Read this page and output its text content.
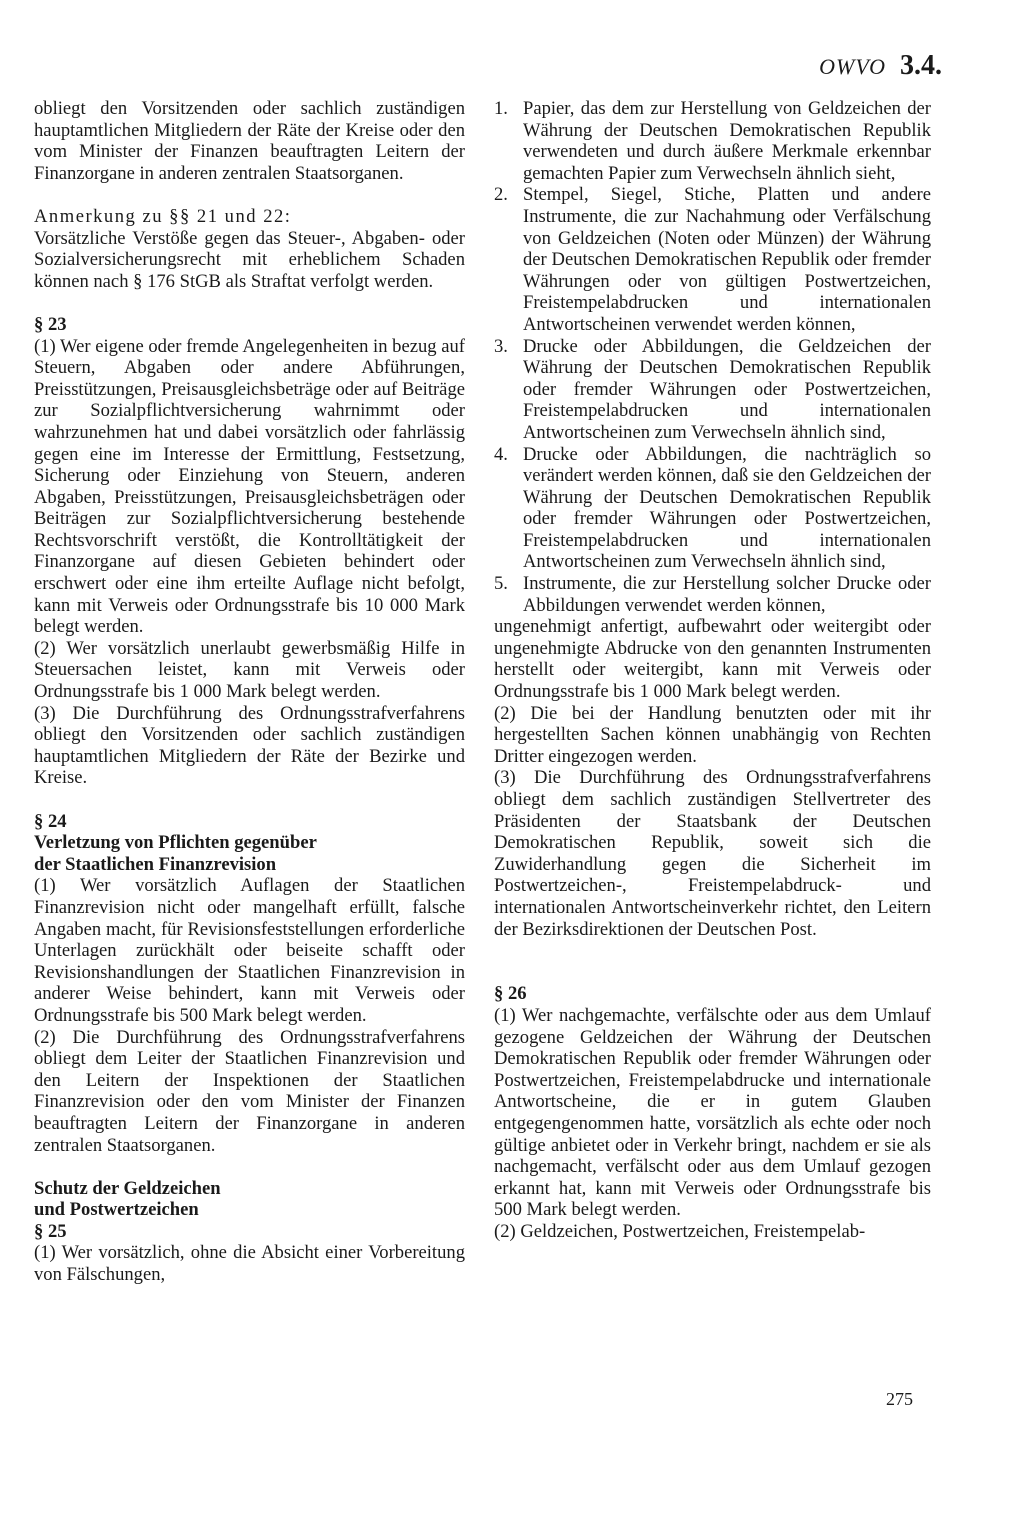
OWVO 3.4.

obliegt den Vorsitzenden oder sachlich zuständigen hauptamtlichen Mitgliedern der Räte der Kreise oder den vom Minister der Finanzen beauftragten Leitern der Finanzorgane in anderen zentralen Staatsorganen.

Anmerkung zu §§ 21 und 22:

Vorsätzliche Verstöße gegen das Steuer-, Abgaben- oder Sozialversicherungsrecht mit erheblichem Schaden können nach § 176 StGB als Straftat verfolgt werden.

§ 23

(1) Wer eigene oder fremde Angelegenheiten in bezug auf Steuern, Abgaben oder andere Abführungen, Preisstützungen, Preisausgleichsbeträge oder auf Beiträge zur Sozialpflichtversicherung wahrnimmt oder wahrzunehmen hat und dabei vorsätzlich oder fahrlässig gegen eine im Interesse der Ermittlung, Festsetzung, Sicherung oder Einziehung von Steuern, anderen Abgaben, Preisstützungen, Preisausgleichsbeträgen oder Beiträgen zur Sozialpflichtversicherung bestehende Rechtsvorschrift verstößt, die Kontrolltätigkeit der Finanzorgane auf diesen Gebieten behindert oder erschwert oder eine ihm erteilte Auflage nicht befolgt, kann mit Verweis oder Ordnungsstrafe bis 10 000 Mark belegt werden.

(2) Wer vorsätzlich unerlaubt gewerbsmäßig Hilfe in Steuersachen leistet, kann mit Verweis oder Ordnungsstrafe bis 1 000 Mark belegt werden.

(3) Die Durchführung des Ordnungsstrafverfahrens obliegt den Vorsitzenden oder sachlich zuständigen hauptamtlichen Mitgliedern der Räte der Bezirke und Kreise.

§ 24

Verletzung von Pflichten gegenüber

der Staatlichen Finanzrevision

(1) Wer vorsätzlich Auflagen der Staatlichen Finanzrevision nicht oder mangelhaft erfüllt, falsche Angaben macht, für Revisionsfeststellungen erforderliche Unterlagen zurückhält oder beiseite schafft oder Revisionshandlungen der Staatlichen Finanzrevision in anderer Weise behindert, kann mit Verweis oder Ordnungsstrafe bis 500 Mark belegt werden.

(2) Die Durchführung des Ordnungsstrafverfahrens obliegt dem Leiter der Staatlichen Finanzrevision und den Leitern der Inspektionen der Staatlichen Finanzrevision oder den vom Minister der Finanzen beauftragten Leitern der Finanzorgane in anderen zentralen Staatsorganen.

Schutz der Geldzeichen

und Postwertzeichen

§ 25

(1) Wer vorsätzlich, ohne die Absicht einer Vorbereitung von Fälschungen,

1. Papier, das dem zur Herstellung von Geldzeichen der Währung der Deutschen Demokratischen Republik verwendeten und durch äußere Merkmale erkennbar gemachten Papier zum Verwechseln ähnlich sieht,
2. Stempel, Siegel, Stiche, Platten und andere Instrumente, die zur Nachahmung oder Verfälschung von Geldzeichen (Noten oder Münzen) der Währung der Deutschen Demokratischen Republik oder fremder Währungen oder von gültigen Postwertzeichen, Freistempelabdrucken und internationalen Antwortscheinen verwendet werden können,
3. Drucke oder Abbildungen, die Geldzeichen der Währung der Deutschen Demokratischen Republik oder fremder Währungen oder Postwertzeichen, Freistempelabdrucken und internationalen Antwortscheinen zum Verwechseln ähnlich sind,
4. Drucke oder Abbildungen, die nachträglich so verändert werden können, daß sie den Geldzeichen der Währung der Deutschen Demokratischen Republik oder fremder Währungen oder Postwertzeichen, Freistempelabdrucken und internationalen Antwortscheinen zum Verwechseln ähnlich sind,
5. Instrumente, die zur Herstellung solcher Drucke oder Abbildungen verwendet werden können,

ungenehmigt anfertigt, aufbewahrt oder weitergibt oder ungenehmigte Abdrucke von den genannten Instrumenten herstellt oder weitergibt, kann mit Verweis oder Ordnungsstrafe bis 1 000 Mark belegt werden.

(2) Die bei der Handlung benutzten oder mit ihr hergestellten Sachen können unabhängig von Rechten Dritter eingezogen werden.

(3) Die Durchführung des Ordnungsstrafverfahrens obliegt dem sachlich zuständigen Stellvertreter des Präsidenten der Staatsbank der Deutschen Demokratischen Republik, soweit sich die Zuwiderhandlung gegen die Sicherheit im Postwertzeichen-, Freistempelabdruck- und internationalen Antwortscheinverkehr richtet, den Leitern der Bezirksdirektionen der Deutschen Post.

§ 26

(1) Wer nachgemachte, verfälschte oder aus dem Umlauf gezogene Geldzeichen der Währung der Deutschen Demokratischen Republik oder fremder Währungen oder Postwertzeichen, Freistempelabdrucke und internationale Antwortscheine, die er in gutem Glauben entgegengenommen hatte, vorsätzlich als echte oder noch gültige anbietet oder in Verkehr bringt, nachdem er sie als nachgemacht, verfälscht oder aus dem Umlauf gezogen erkannt hat, kann mit Verweis oder Ordnungsstrafe bis 500 Mark belegt werden.

(2) Geldzeichen, Postwertzeichen, Freistempelab-

275
